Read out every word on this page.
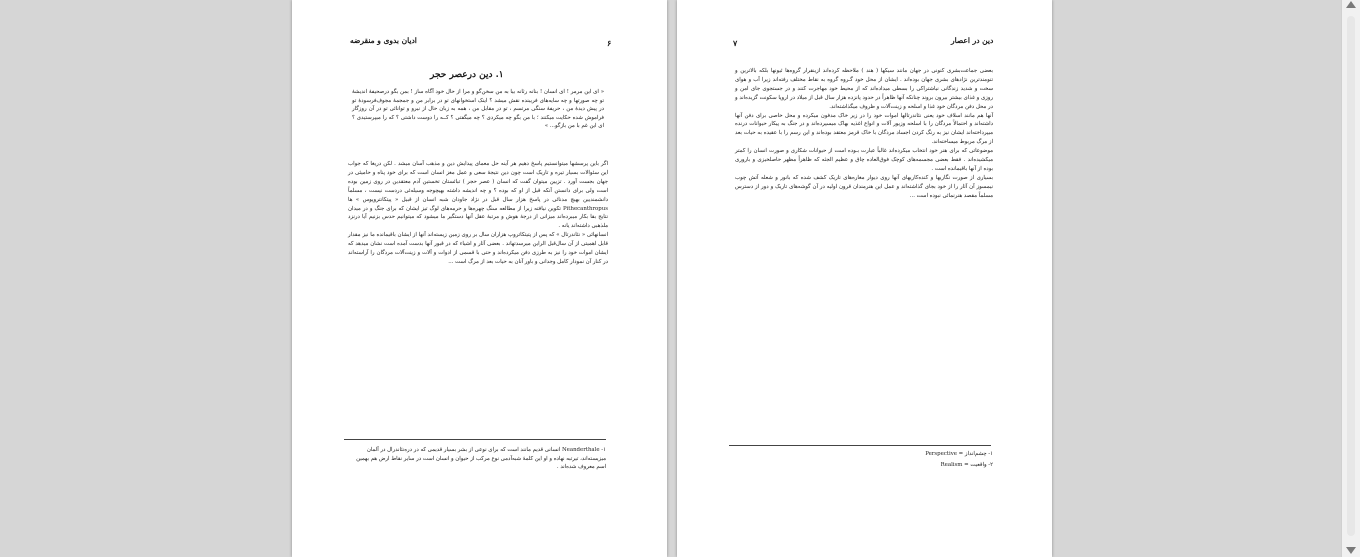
ادیان بدوی و منقرضه	۶
۱. دین درعصر حجر
« ای این مرمر ! ای انسان ! بنانه رثانه بیا به من سخن‌گو و مرا از حال خود آگاه ساز ! بمن بگو درصحیفهٔ اندیشهٔ تو چه صورتها و چه سایه‌های فریبنده نقش میشد ؟ اینک استخوانهای تو در برابر من و جمجمهٔ مجوف‌فرسودهٔ تو در پیش دیدهٔ من ، حریفهٔ سنگی مرتسم ، تو در مقابل من ، همه به زبان حال از نیرو و توانائی تو در آن روزگار فراموش شده حکایت میکنند ؛ با من بگو چه میکردی ؟ چه میگفتی ؟ کــه را دوست داشتی ؟ که را میپرستیدی ؟ ای این غم با من بازگو... »
اگر باین پرسشها میتوانستیم پاسخ دهیم هر آینه حل معمای پیدایش دین و مذهب آسان میشد . لکن دریغا که جواب این سئوالات بسیار تیره و تاریک است چون دین نتیجهٔ سعی و عمل مغز انسان است که برای خود پناه و حامیئی در جهان بجست آورد . تزیین میتوان گفت که انسان ( عصر حجر ) تبائستان تخستین آدم معتقدین در روی زمین بوده است ولی برای دانستن آنکه قبل از او که بوده ؟ و چه اندیشه داشته بهیچوجه وسیله‌ئی دردست نیست ، مسلماً دانشمندیین بهیچ مدنائی در پاسخ هزار سال قبل در نژاد جاودان شبه انسان از قبیل « پیتکانتروپوس » ها Pithecanthropus تکوین نیافته زیرا از مطالعه سنگ چهره‌ها و حرمه‌های لوگ تیز ایشان که برای جنگ و در میدان نتایج بقا بکار میبرده‌اند میزانی از درجهٔ هوش و مرتبهٔ عقل آنها دستگیر ما میشود که میتوانیم حدس بزنیم آیا درنزد ملذهبی داشته‌اند یانه .
انسانهائی « نئاندرتال » که پس از پتیتکاتروپ هزاران سال بر روی زمین زیسته‌اند آنها از ایشان باقیمانده ما نیز مقدار قابل اهمیتی از آن سال‌قبل الراین میرسدتهاند . بعضی آثار و اشیاء که در قبور آنها بدست آمده است نشان میدهد که ایشان اموات خود را نیز به طرزی دفن میکرده‌اند و حتی با قسمی از ادوات و آلات و زینت‌آلات مردگان را آراسته‌اند در کنار آن نمودار کامل وجدانی و باور آنان به حیات بعد از مرگ است ...
۱- Neanderthale انسانی قدیم مانند است که برای نوعی از بشر بسیار قدیمی که در دره‌نئاندرال در آلمان میزیسته‌اند، تیرتبه نهاده و او این کلمهٔ شبه‌آدمی نوع مرکب از حیوان و انسان است در سایر نقاط ارض هم بهمین اسم معروف شده‌اند .
دین در اعصار
۷
بعضی جماعت‌بشری کنونی در جهان مانند سیکها ( هند ) ملاحظه کرده‌اند ازینقرار گروه‌ها ئیونها بلکه بالاترین و تنومندترین نژادهای بشری جهان بوده‌اند . ایشان از محل خود گـروه گروه به نقاط مختلف رفته‌اند زیرا آب و هوای سخت و شدید زندگانی نیاشتراکی را بسطی میداده‌اند که از محیط خود مهاجرت کنند و در جستجوی جای امن و روزی و غذای بیشتر بیرون بروند چنانکه آنها ظاهراً در حدود پانزده هزار سال قبل از میلاد در اروپا سکونت گزیده‌اند و در محل دفن مردگان خود غذا و اسلحه و زینت‌آلات و ظروف میگذاشته‌اند.
آنها هم مانند اسلاف خود یعنی نئاندرتالها اموات خود را در زیر خاک مدفون میکرده و محل خاصی برای دفن آنها داشته‌اند و احتمالاً مردگان را با اسلحه وزیور آلات و انواع اغذیه بهاک میسپرده‌اند و در جنگ به پیکار حیوانات درنده میپرداخته‌اند ایشان نیز به رنگ کردن اجساد مردگان با خاک قرمز معتقد بوده‌اند و این رسم را با عقیده به حیات بعد از مرگ مربوط میساخته‌اند.
موضوعاتی که برای هنر خود انتخاب میکرده‌اند غالباً عبارت بـوده است از حیوانات شکاری و صورت انسان را کمتر میکشیده‌اند . فقط بعضی مجسمه‌های کوچک فوق‌العاده چاق و عظیم الجثه که ظاهراً مظهر حاصلخیزی و باروری بوده از آنها باقیمانده است .
بسیاری از صورت نگاریها و کنده‌کاریهای آنها روی دیوار مغاره‌های تاریک کشف شده که بانور و شعله آتش چوب نیمسوز آن آثار را از خود بجای گذاشته‌اند و عمل این هنرمندان قرون اولیه در آن گوشه‌های تاریک و دور از دسترس مسلماً مقصد هنرنمائی نبوده است ...
۱- چشم‌انداز = Perspective
۲- واقعیت = Realism
